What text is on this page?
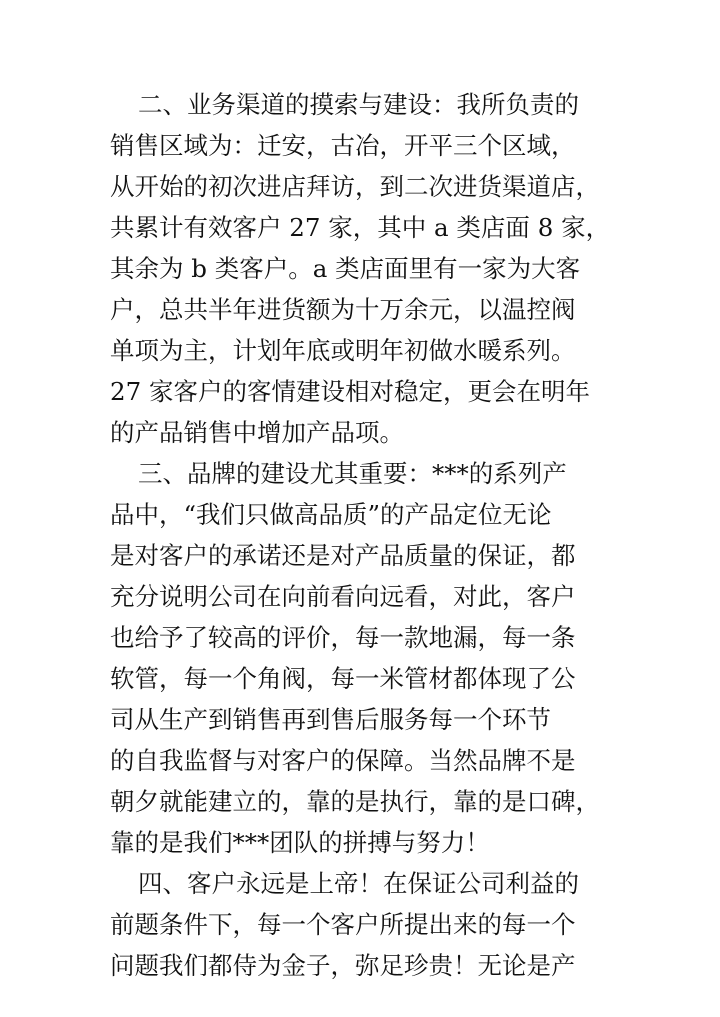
二、业务渠道的摸索与建设：我所负责的
销售区域为：迁安，古冶，开平三个区域，
从开始的初次进店拜访，到二次进货渠道店，
共累计有效客户 27 家，其中 a 类店面 8 家，
其余为 b 类客户。a 类店面里有一家为大客
户，总共半年进货额为十万余元，以温控阀
单项为主，计划年底或明年初做水暖系列。
27 家客户的客情建设相对稳定，更会在明年
的产品销售中增加产品项。
三、品牌的建设尤其重要：***的系列产
品中，“我们只做高品质”的产品定位无论
是对客户的承诺还是对产品质量的保证，都
充分说明公司在向前看向远看，对此，客户
也给予了较高的评价，每一款地漏，每一条
软管，每一个角阀，每一米管材都体现了公
司从生产到销售再到售后服务每一个环节
的自我监督与对客户的保障。当然品牌不是
朝夕就能建立的，靠的是执行，靠的是口碑，
靠的是我们***团队的拼搏与努力！
四、客户永远是上帝！在保证公司利益的
前题条件下，每一个客户所提出来的每一个
问题我们都侍为金子，弥足珍贵！无论是产
